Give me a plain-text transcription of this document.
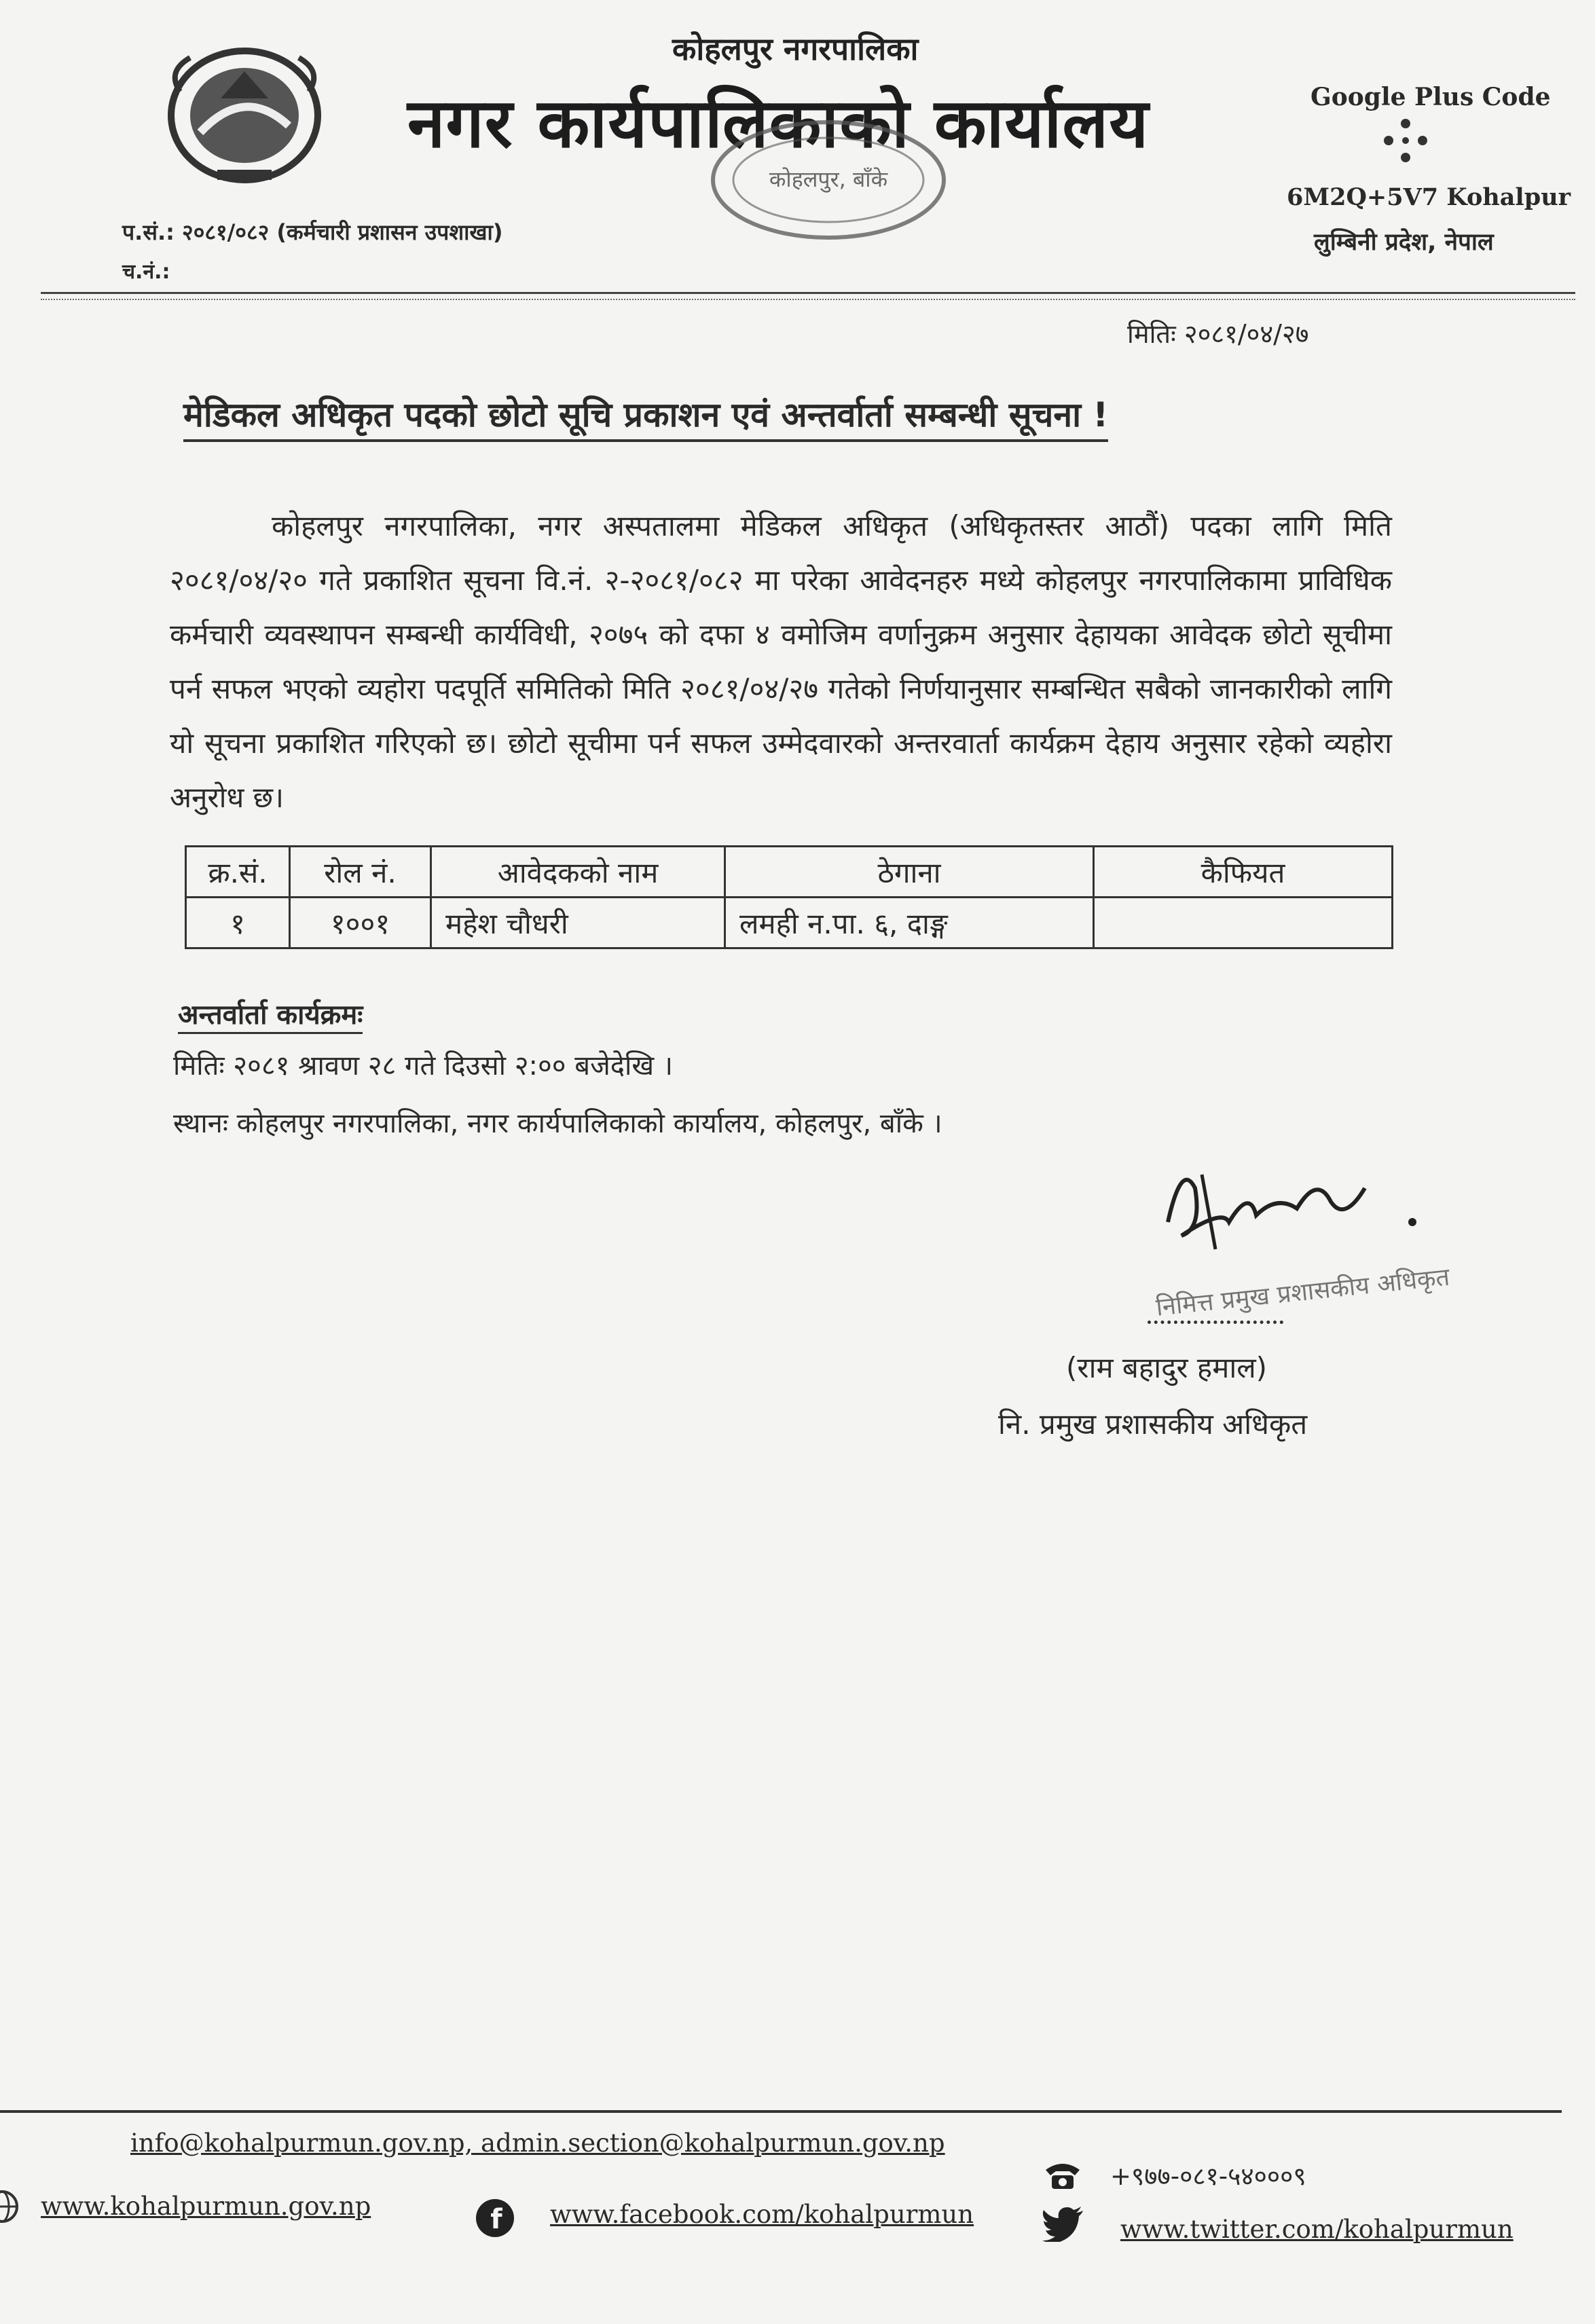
कोहलपुर नगरपालिका
नगर कार्यपालिकाको कार्यालय
कोहलपुर, बाँके
Google Plus Code
6M2Q+5V7 Kohalpur
लुम्बिनी प्रदेश, नेपाल
प.सं.: २०८१/०८२ (कर्मचारी प्रशासन उपशाखा)
च.नं.:
मितिः २०८१/०४/२७
मेडिकल अधिकृत पदको छोटो सूचि प्रकाशन एवं अन्तर्वार्ता सम्बन्धी सूचना !
कोहलपुर नगरपालिका, नगर अस्पतालमा मेडिकल अधिकृत (अधिकृतस्तर आठौं) पदका लागि मिति २०८१/०४/२० गते प्रकाशित सूचना वि.नं. २-२०८१/०८२ मा परेका आवेदनहरु मध्ये कोहलपुर नगरपालिकामा प्राविधिक कर्मचारी व्यवस्थापन सम्बन्धी कार्यविधी, २०७५ को दफा ४ वमोजिम वर्णानुक्रम अनुसार देहायका आवेदक छोटो सूचीमा पर्न सफल भएको व्यहोरा पदपूर्ति समितिको मिति २०८१/०४/२७ गतेको निर्णयानुसार सम्बन्धित सबैको जानकारीको लागि यो सूचना प्रकाशित गरिएको छ। छोटो सूचीमा पर्न सफल उम्मेदवारको अन्तरवार्ता कार्यक्रम देहाय अनुसार रहेको व्यहोरा अनुरोध छ।
क्र.सं.	रोल नं.	आवेदकको नाम	ठेगाना	कैफियत
१	१००१	महेश चौधरी	लमही न.पा. ६, दाङ्ग	
अन्तर्वार्ता कार्यक्रमः
मितिः २०८१ श्रावण २८ गते दिउसो २:०० बजेदेखि ।
स्थानः कोहलपुर नगरपालिका, नगर कार्यपालिकाको कार्यालय, कोहलपुर, बाँके ।
निमित्त प्रमुख प्रशासकीय अधिकृत
(राम बहादुर हमाल)
नि. प्रमुख प्रशासकीय अधिकृत
info@kohalpurmun.gov.np, admin.section@kohalpurmun.gov.np
www.kohalpurmun.gov.np	f www.facebook.com/kohalpurmun
+९७७-०८१-५४०००९
www.twitter.com/kohalpurmun
